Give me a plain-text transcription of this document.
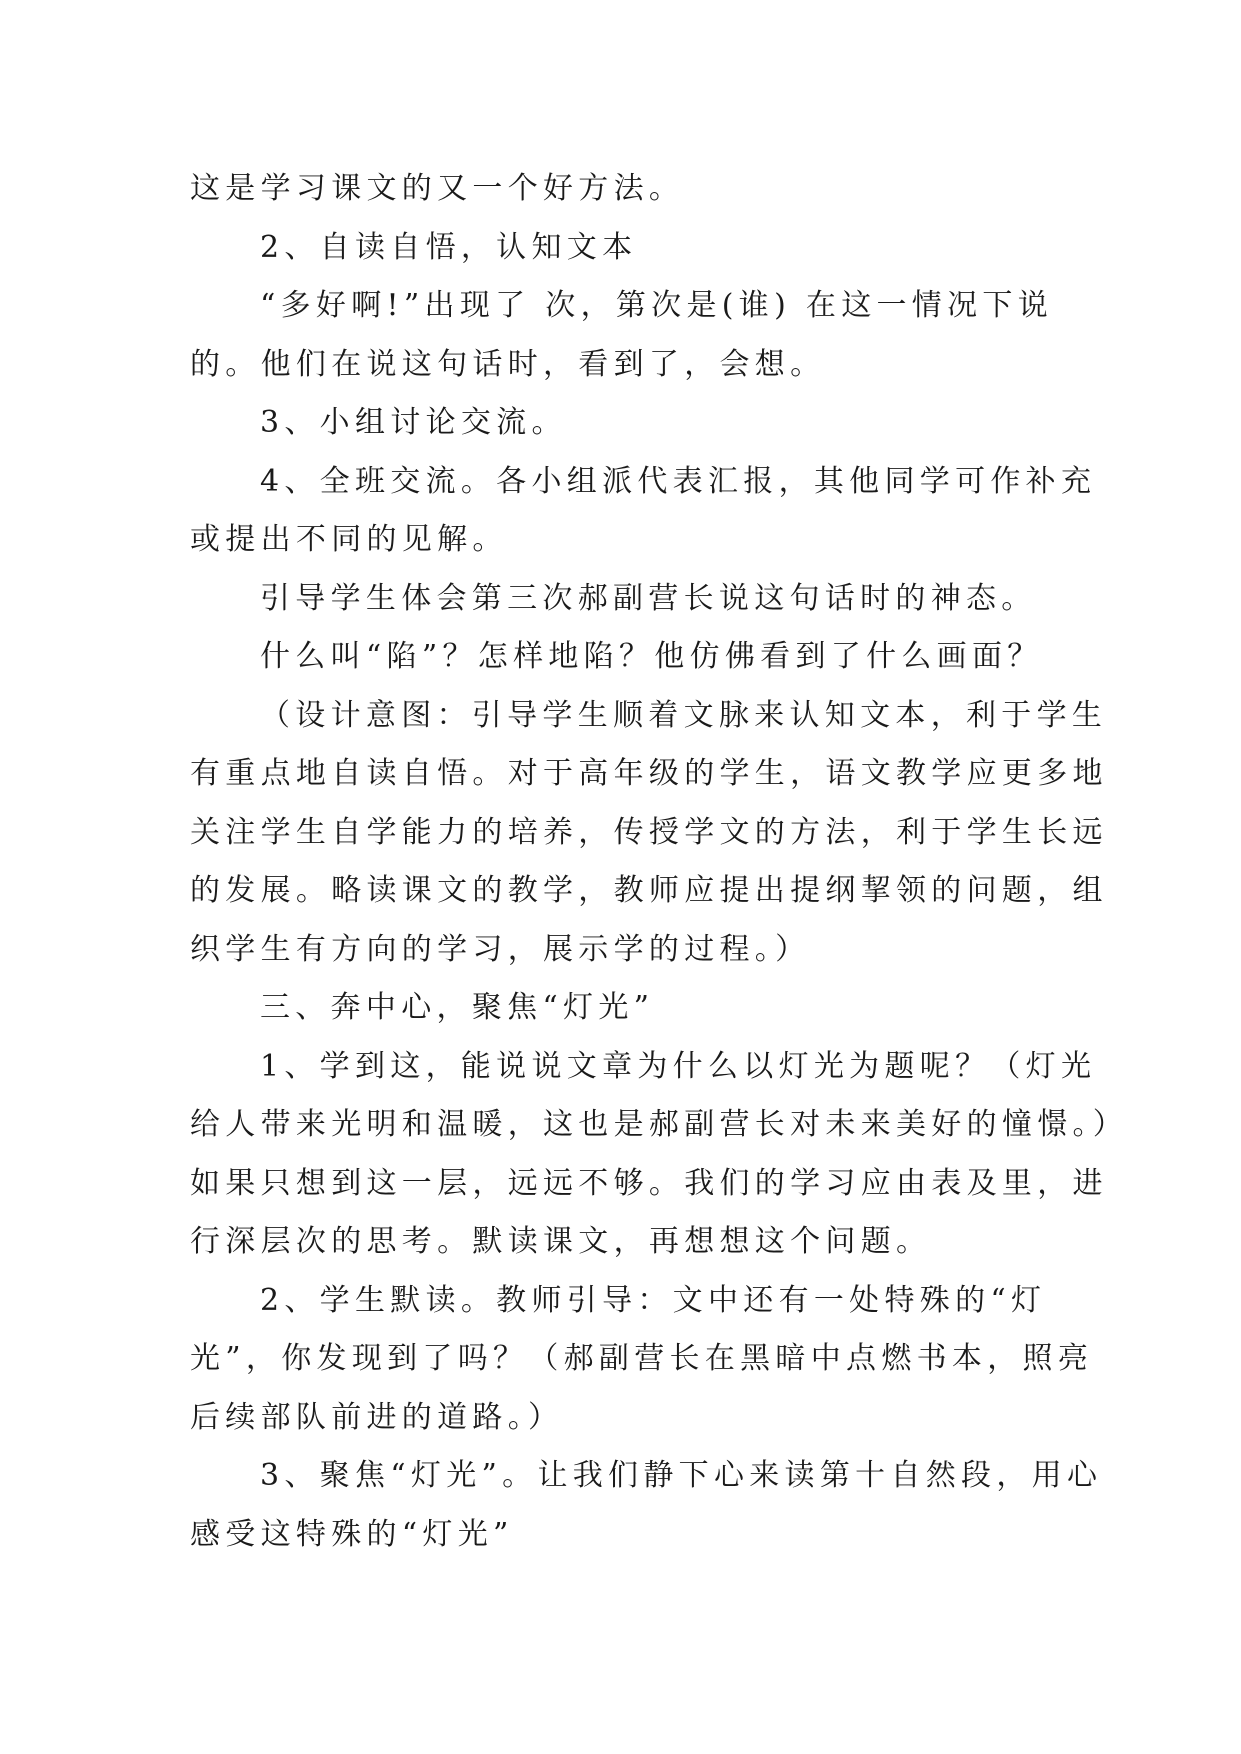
这是学习课文的又一个好方法。
2、自读自悟，认知文本
“多好啊!”出现了 次，第次是(谁) 在这一情况下说
的。他们在说这句话时，看到了，会想。
3、小组讨论交流。
4、全班交流。各小组派代表汇报，其他同学可作补充
或提出不同的见解。
引导学生体会第三次郝副营长说这句话时的神态。
什么叫“陷”？怎样地陷？他仿佛看到了什么画面？
（设计意图：引导学生顺着文脉来认知文本，利于学生
有重点地自读自悟。对于高年级的学生，语文教学应更多地
关注学生自学能力的培养，传授学文的方法，利于学生长远
的发展。略读课文的教学，教师应提出提纲挈领的问题，组
织学生有方向的学习，展示学的过程。）
三、奔中心，聚焦“灯光”
1、学到这，能说说文章为什么以灯光为题呢？（灯光
给人带来光明和温暖，这也是郝副营长对未来美好的憧憬。）
如果只想到这一层，远远不够。我们的学习应由表及里，进
行深层次的思考。默读课文，再想想这个问题。
2、学生默读。教师引导：文中还有一处特殊的“灯
光”，你发现到了吗？（郝副营长在黑暗中点燃书本，照亮
后续部队前进的道路。）
3、聚焦“灯光”。让我们静下心来读第十自然段，用心
感受这特殊的“灯光”
